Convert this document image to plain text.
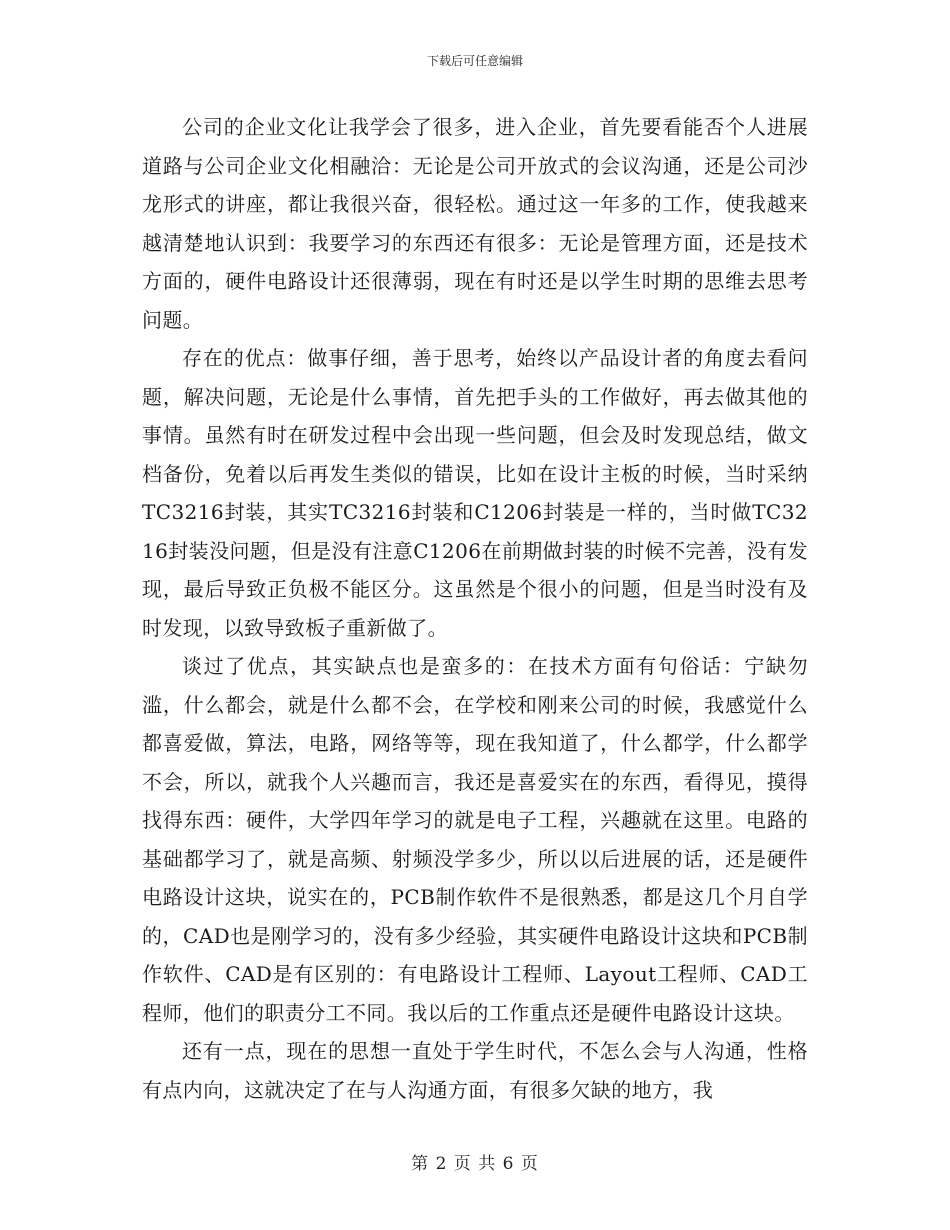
下载后可任意编辑

公司的企业文化让我学会了很多，进入企业，首先要看能否个人进展道路与公司企业文化相融洽：无论是公司开放式的会议沟通，还是公司沙龙形式的讲座，都让我很兴奋，很轻松。通过这一年多的工作，使我越来越清楚地认识到：我要学习的东西还有很多：无论是管理方面，还是技术方面的，硬件电路设计还很薄弱，现在有时还是以学生时期的思维去思考问题。

存在的优点：做事仔细，善于思考，始终以产品设计者的角度去看问题，解决问题，无论是什么事情，首先把手头的工作做好，再去做其他的事情。虽然有时在研发过程中会出现一些问题，但会及时发现总结，做文档备份，免着以后再发生类似的错误，比如在设计主板的时候，当时采纳TC3216封装，其实TC3216封装和C1206封装是一样的，当时做TC3216封装没问题，但是没有注意C1206在前期做封装的时候不完善，没有发现，最后导致正负极不能区分。这虽然是个很小的问题，但是当时没有及时发现，以致导致板子重新做了。

谈过了优点，其实缺点也是蛮多的：在技术方面有句俗话：宁缺勿滥，什么都会，就是什么都不会，在学校和刚来公司的时候，我感觉什么都喜爱做，算法，电路，网络等等，现在我知道了，什么都学，什么都学不会，所以，就我个人兴趣而言，我还是喜爱实在的东西，看得见，摸得找得东西：硬件，大学四年学习的就是电子工程，兴趣就在这里。电路的基础都学习了，就是高频、射频没学多少，所以以后进展的话，还是硬件电路设计这块，说实在的，PCB制作软件不是很熟悉，都是这几个月自学的，CAD也是刚学习的，没有多少经验，其实硬件电路设计这块和PCB制作软件、CAD是有区别的：有电路设计工程师、Layout工程师、CAD工程师，他们的职责分工不同。我以后的工作重点还是硬件电路设计这块。

还有一点，现在的思想一直处于学生时代，不怎么会与人沟通，性格有点内向，这就决定了在与人沟通方面，有很多欠缺的地方，我

第 2 页 共 6 页
